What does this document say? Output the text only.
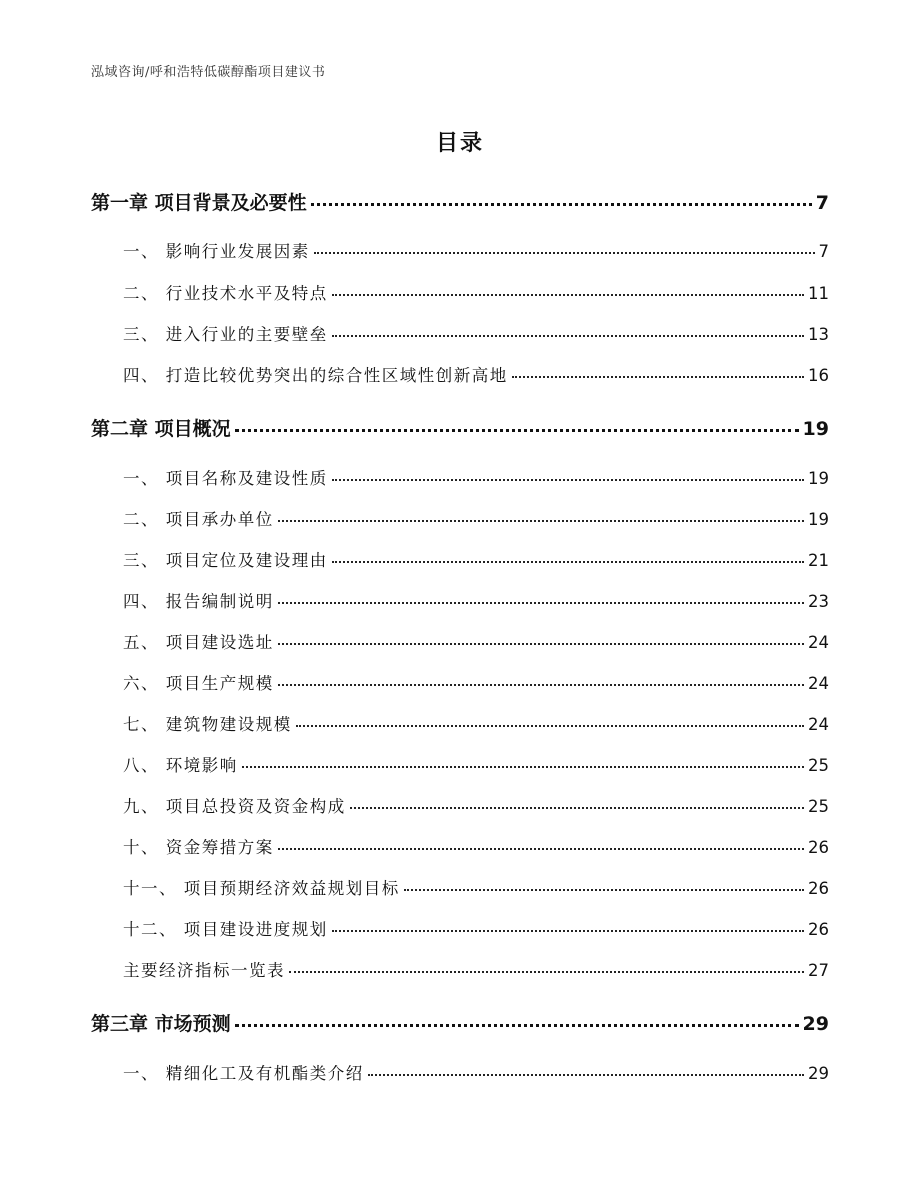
泓域咨询/呼和浩特低碳醇酯项目建议书
目录
第一章 项目背景及必要性	7
一、 影响行业发展因素	7
二、 行业技术水平及特点	11
三、 进入行业的主要壁垒	13
四、 打造比较优势突出的综合性区域性创新高地	16
第二章 项目概况	19
一、 项目名称及建设性质	19
二、 项目承办单位	19
三、 项目定位及建设理由	21
四、 报告编制说明	23
五、 项目建设选址	24
六、 项目生产规模	24
七、 建筑物建设规模	24
八、 环境影响	25
九、 项目总投资及资金构成	25
十、 资金筹措方案	26
十一、 项目预期经济效益规划目标	26
十二、 项目建设进度规划	26
主要经济指标一览表	27
第三章 市场预测	29
一、 精细化工及有机酯类介绍	29
